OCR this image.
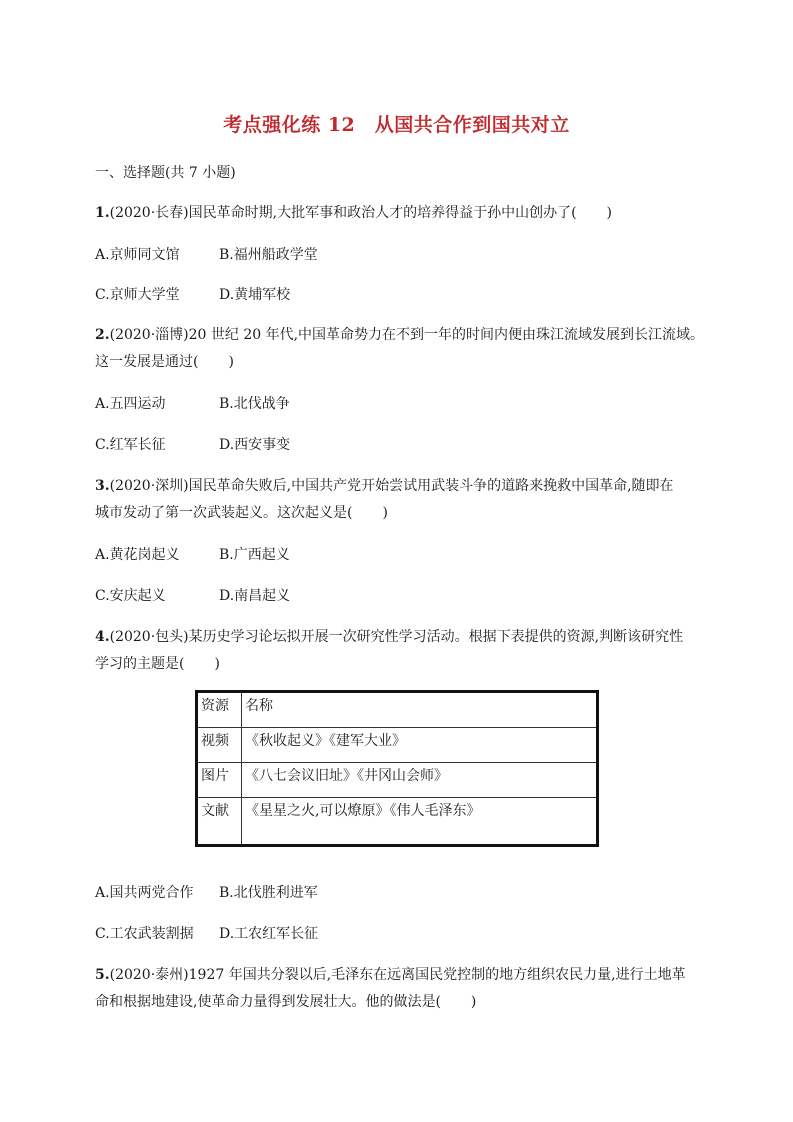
考点强化练 12　从国共合作到国共对立
一、选择题(共 7 小题)
1.(2020·长春)国民革命时期,大批军事和政治人才的培养得益于孙中山创办了( )
A.京师同文馆	B.福州船政学堂
C.京师大学堂	D.黄埔军校
2.(2020·淄博)20 世纪 20 年代,中国革命势力在不到一年的时间内便由珠江流域发展到长江流域。
这一发展是通过( )
A.五四运动	B.北伐战争
C.红军长征	D.西安事变
3.(2020·深圳)国民革命失败后,中国共产党开始尝试用武装斗争的道路来挽救中国革命,随即在
城市发动了第一次武装起义。这次起义是( )
A.黄花岗起义	B.广西起义
C.安庆起义	D.南昌起义
4.(2020·包头)某历史学习论坛拟开展一次研究性学习活动。根据下表提供的资源,判断该研究性
学习的主题是( )
资源	名称
视频	《秋收起义》《建军大业》
图片	《八七会议旧址》《井冈山会师》
文献	《星星之火,可以燎原》《伟人毛泽东》
A.国共两党合作 B.北伐胜利进军
C.工农武装割据 D.工农红军长征
5.(2020·泰州)1927 年国共分裂以后,毛泽东在远离国民党控制的地方组织农民力量,进行土地革
命和根据地建设,使革命力量得到发展壮大。他的做法是( )
